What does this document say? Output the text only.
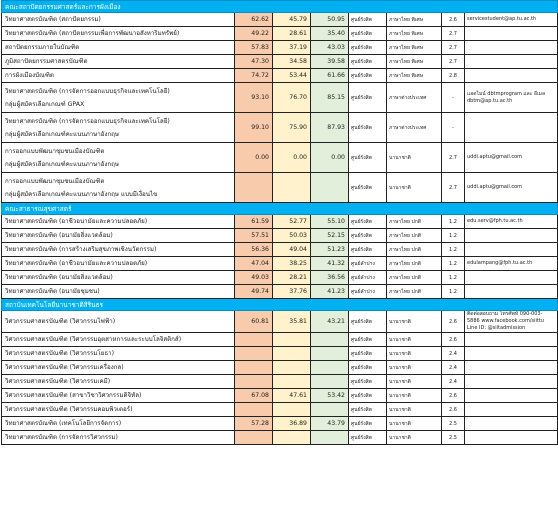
คณะสถาปัตยกรรมศาสตร์และการผังเมือง							

วิทยาศาสตรบัณฑิต (สถาปัตยกรรม)	62.62	45.79	50.95	ศูนย์รังสิต	ภาษาไทย พิเศษ	2.6	servicestudent@ap.tu.ac.th

วิทยาศาสตรบัณฑิต (สถาปัตยกรรมเพื่อการพัฒนาอสังหาริมทรัพย์)	49.22	28.61	35.40	ศูนย์รังสิต	ภาษาไทย พิเศษ	2.7	

สถาปัตยกรรมภายในบัณฑิต	57.83	37.19	43.03	ศูนย์รังสิต	ภาษาไทย พิเศษ	2.7	

ภูมิสถาปัตยกรรมศาสตรบัณฑิต	47.30	34.58	39.58	ศูนย์รังสิต	ภาษาไทย พิเศษ	2.7	

การผังเมืองบัณฑิต	74.72	53.44	61.66	ศูนย์รังสิต	ภาษาไทย พิเศษ	2.8	

วิทยาศาสตรบัณฑิต (การจัดการออกแบบธุรกิจและเทคโนโลยี)
กลุ่มผู้สมัครเลือกเกณฑ์ GPAX	93.10	76.70	85.15	ศูนย์รังสิต	ภาษาต่างประเทศ	-	แอดไมน์ dbtmprogram และ อีเมล dbtm@ap.tu.ac.th

วิทยาศาสตรบัณฑิต (การจัดการออกแบบธุรกิจและเทคโนโลยี)
กลุ่มผู้สมัครเลือกเกณฑ์คะแนนภาษาอังกฤษ	99.10	75.90	87.93	ศูนย์รังสิต	ภาษาต่างประเทศ	-	

การออกแบบพัฒนาชุมชนเมืองบัณฑิต
กลุ่มผู้สมัครเลือกเกณฑ์คะแนนภาษาอังกฤษ	0.00	0.00	0.00	ศูนย์รังสิต	นานาชาติ	2.7	uddi.aptu@gmail.com

การออกแบบพัฒนาชุมชนเมืองบัณฑิต
กลุ่มผู้สมัครเลือกเกณฑ์คะแนนภาษาอังกฤษ แบบมีเงื่อนไข				ศูนย์รังสิต	นานาชาติ	2.7	uddi.aptu@gmail.com
คณะสาธารณสุขศาสตร์							

วิทยาศาสตรบัณฑิต (อาชีวอนามัยและความปลอดภัย)	61.59	52.77	55.10	ศูนย์รังสิต	ภาษาไทย ปกติ	1.2	edu.serv@fph.tu.ac.th

วิทยาศาสตรบัณฑิต (อนามัยสิ่งแวดล้อม)	57.51	50.03	52.15	ศูนย์รังสิต	ภาษาไทย ปกติ	1.2	

วิทยาศาสตรบัณฑิต (การสร้างเสริมสุขภาพเชิงนวัตกรรม)	56.36	49.04	51.23	ศูนย์รังสิต	ภาษาไทย ปกติ	1.2	

วิทยาศาสตรบัณฑิต (อาชีวอนามัยและความปลอดภัย)	47.04	38.25	41.32	ศูนย์ลำปาง	ภาษาไทย ปกติ	1.2	edulampang@fph.tu.ac.th

วิทยาศาสตรบัณฑิต (อนามัยสิ่งแวดล้อม)	49.03	28.21	36.56	ศูนย์ลำปาง	ภาษาไทย ปกติ	1.2	

วิทยาศาสตรบัณฑิต (อนามัยชุมชน)	49.74	37.76	41.23	ศูนย์ลำปาง	ภาษาไทย ปกติ	1.2	
สถาบันเทคโนโลยีนานาชาติสิรินธร							

วิศวกรรมศาสตรบัณฑิต (วิศวกรรมไฟฟ้า)	60.81	35.81	43.21	ศูนย์รังสิต	นานาชาติ	2.6	ติดต่อสอบถาม โทรศัพท์ 090-003-5886 www.facebook.com/siittu Line ID: @siitadmission

วิศวกรรมศาสตรบัณฑิต (วิศวกรรมอุตสาหการและระบบโลจิสติกส์)				ศูนย์รังสิต	นานาชาติ	2.6	

วิศวกรรมศาสตรบัณฑิต (วิศวกรรมโยธา)				ศูนย์รังสิต	นานาชาติ	2.4	

วิศวกรรมศาสตรบัณฑิต (วิศวกรรมเครื่องกล)				ศูนย์รังสิต	นานาชาติ	2.4	

วิศวกรรมศาสตรบัณฑิต (วิศวกรรมเคมี)				ศูนย์รังสิต	นานาชาติ	2.4	

วิศวกรรมศาสตรบัณฑิต (สาขาวิชาวิศวกรรมดิจิทัล)	67.08	47.61	53.42	ศูนย์รังสิต	นานาชาติ	2.6	

วิศวกรรมศาสตรบัณฑิต (วิศวกรรมคอมพิวเตอร์)				ศูนย์รังสิต	นานาชาติ	2.6	

วิทยาศาสตรบัณฑิต (เทคโนโลยีการจัดการ)	57.28	36.89	43.79	ศูนย์รังสิต	นานาชาติ	2.5	

วิทยาศาสตรบัณฑิต (การจัดการวิศวกรรม)				ศูนย์รังสิต	นานาชาติ	2.5	
